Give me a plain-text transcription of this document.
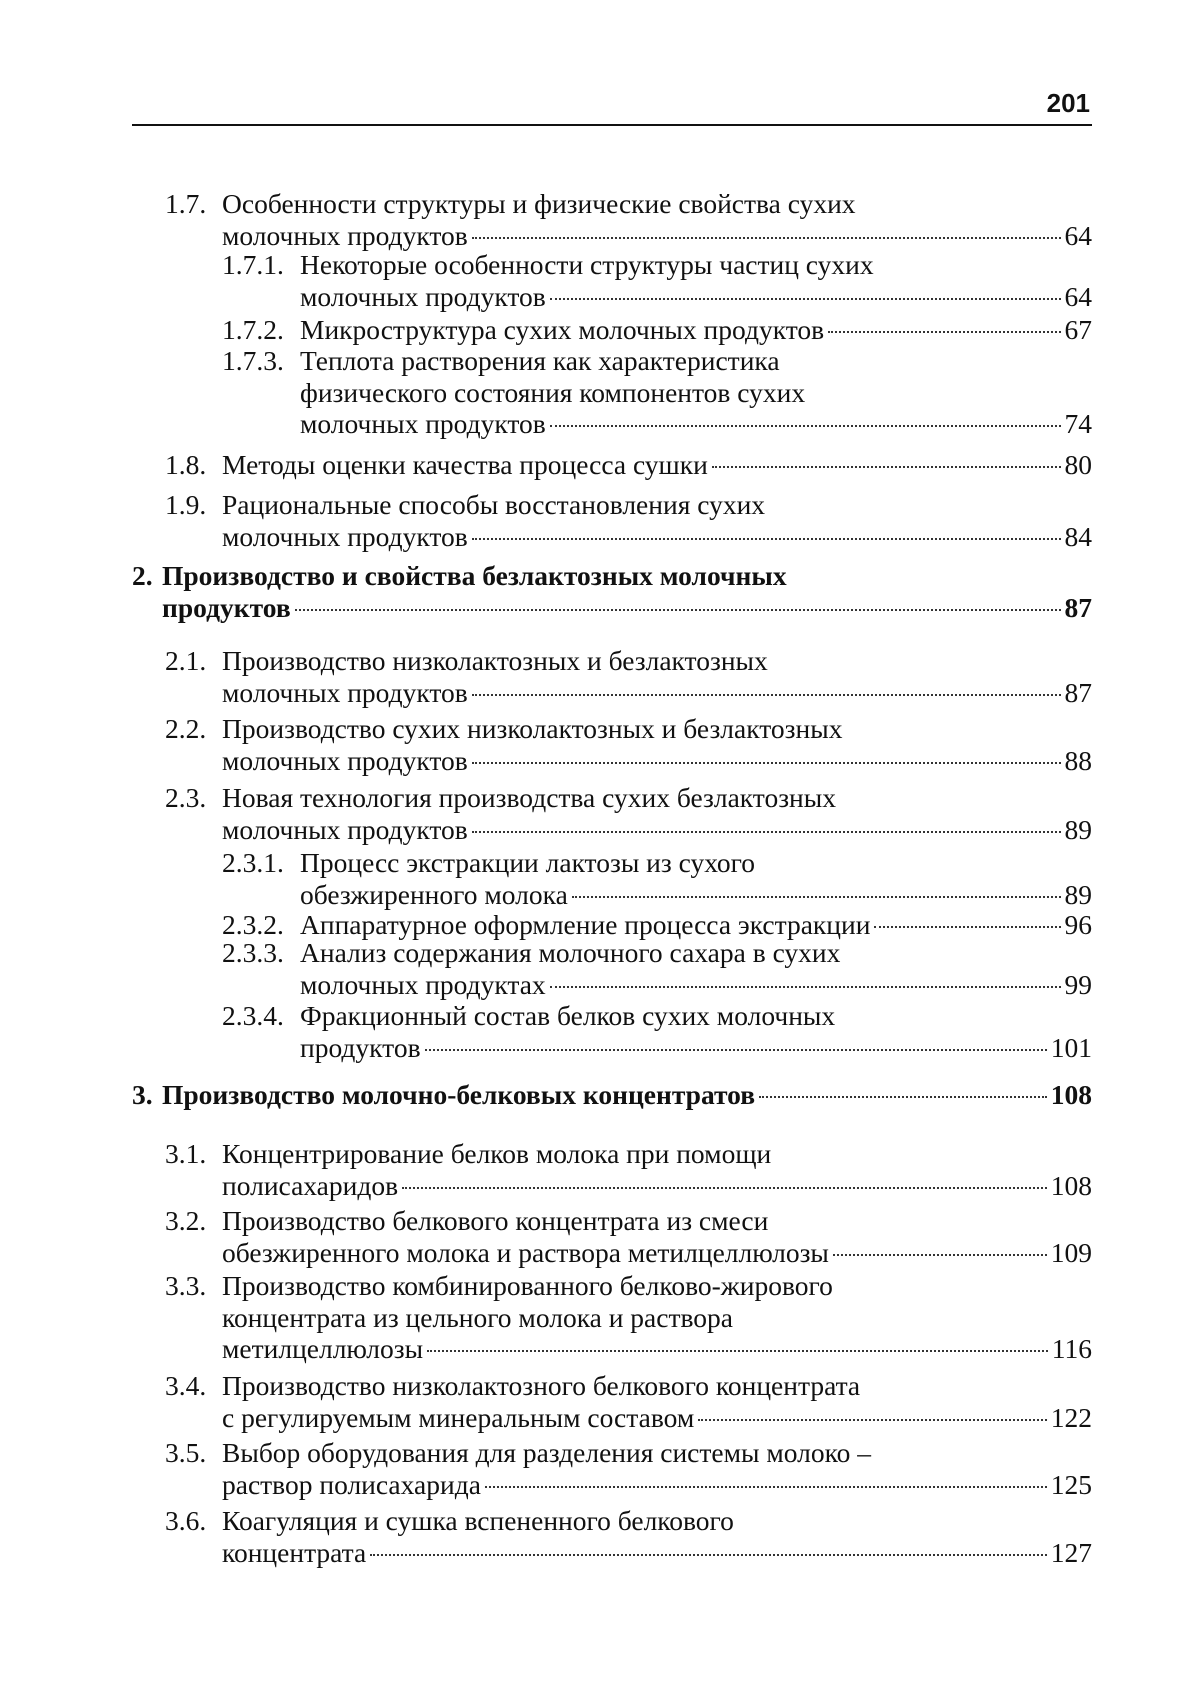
201
1.7. Особенности структуры и физические свойства сухих
молочных продуктов	64
1.7.1. Некоторые особенности структуры частиц сухих
молочных продуктов	64
1.7.2. Микроструктура сухих молочных продуктов	67
1.7.3. Теплота растворения как характеристика
физического состояния компонентов сухих
молочных продуктов	74
1.8. Методы оценки качества процесса сушки	80
1.9. Рациональные способы восстановления сухих
молочных продуктов	84
2. Производство и свойства безлактозных молочных
продуктов	87
2.1. Производство низколактозных и безлактозных
молочных продуктов	87
2.2. Производство сухих низколактозных и безлактозных
молочных продуктов	88
2.3. Новая технология производства сухих безлактозных
молочных продуктов	89
2.3.1. Процесс экстракции лактозы из сухого
обезжиренного молока	89
2.3.2. Аппаратурное оформление процесса экстракции	96
2.3.3. Анализ содержания молочного сахара в сухих
молочных продуктах	99
2.3.4. Фракционный состав белков сухих молочных
продуктов	101
3. Производство молочно-белковых концентратов	108
3.1. Концентрирование белков молока при помощи
полисахаридов	108
3.2. Производство белкового концентрата из смеси
обезжиренного молока и раствора метилцеллюлозы	109
3.3. Производство комбинированного белково-жирового
концентрата из цельного молока и раствора
метилцеллюлозы	116
3.4. Производство низколактозного белкового концентрата
с регулируемым минеральным составом	122
3.5. Выбор оборудования для разделения системы молоко –
раствор полисахарида	125
3.6. Коагуляция и сушка вспененного белкового
концентрата	127
